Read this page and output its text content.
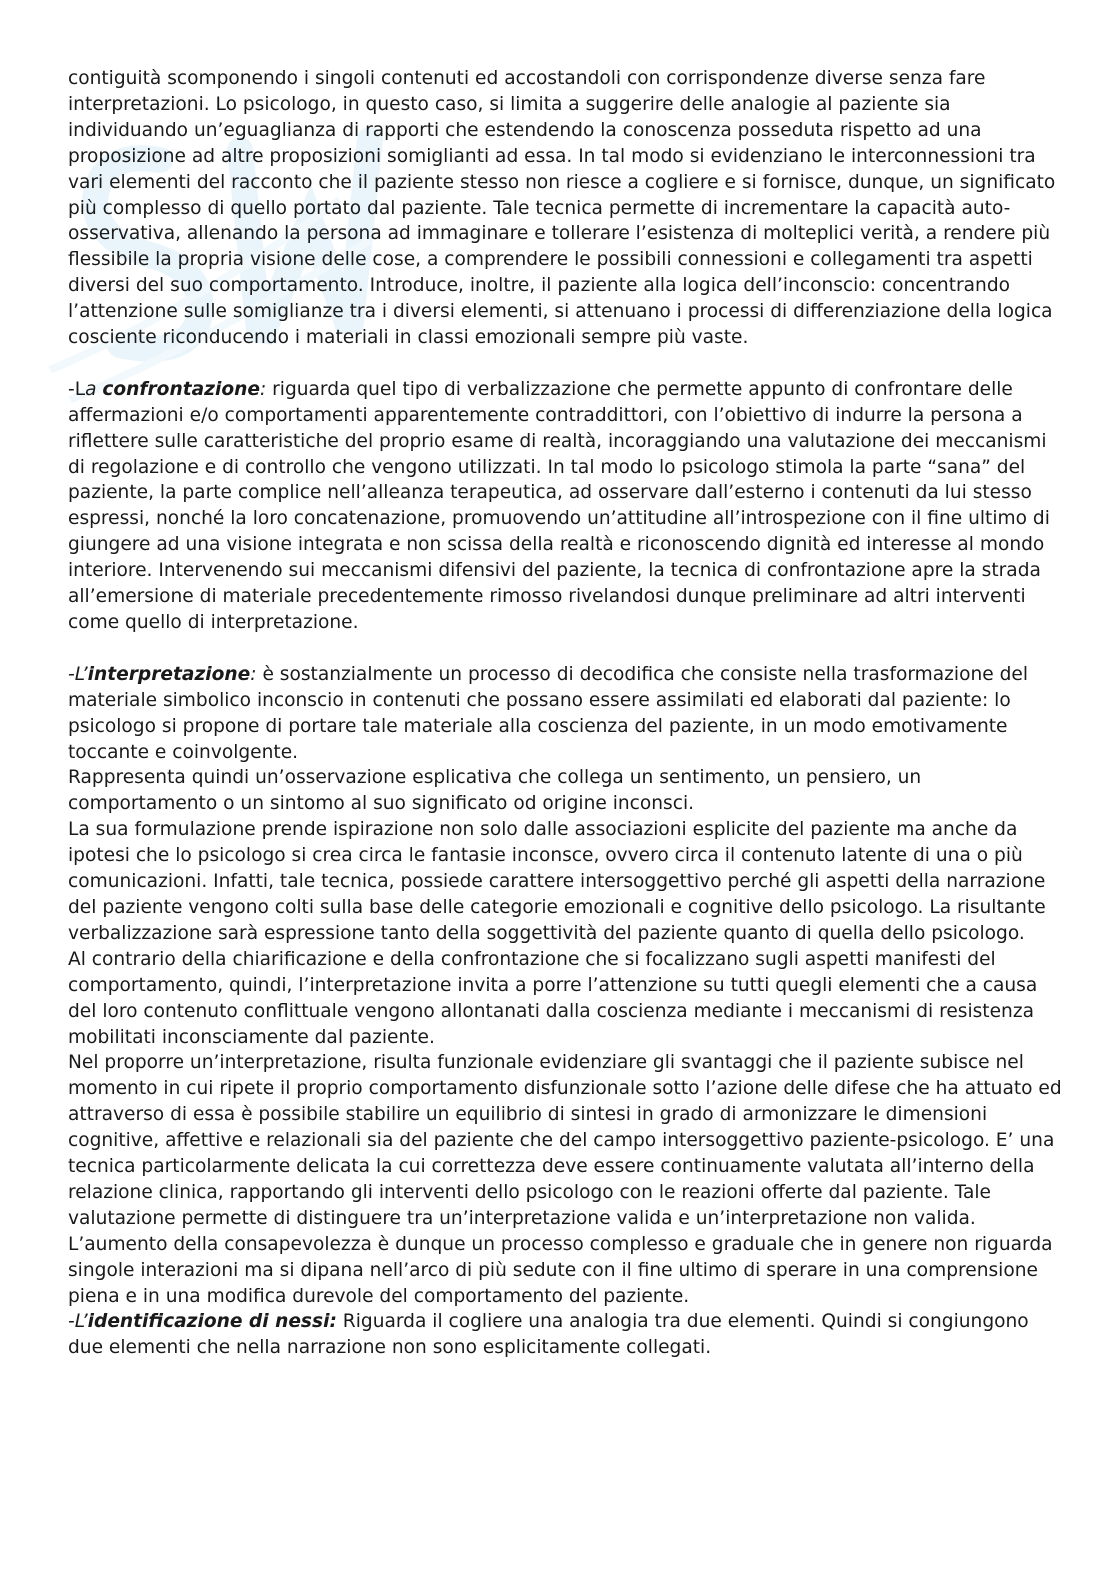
contiguità scomponendo i singoli contenuti ed accostandoli con corrispondenze diverse senza fare interpretazioni. Lo psicologo, in questo caso, si limita a suggerire delle analogie al paziente sia individuando un’eguaglianza di rapporti che estendendo la conoscenza posseduta rispetto ad una proposizione ad altre proposizioni somiglianti ad essa. In tal modo si evidenziano le interconnessioni tra vari elementi del racconto che il paziente stesso non riesce a cogliere e si fornisce, dunque, un significato più complesso di quello portato dal paziente. Tale tecnica permette di incrementare la capacità auto-osservativa, allenando la persona ad immaginare e tollerare l’esistenza di molteplici verità, a rendere più flessibile la propria visione delle cose, a comprendere le possibili connessioni e collegamenti tra aspetti diversi del suo comportamento. Introduce, inoltre, il paziente alla logica dell’inconscio: concentrando l’attenzione sulle somiglianze tra i diversi elementi, si attenuano i processi di differenziazione della logica cosciente riconducendo i materiali in classi emozionali sempre più vaste.

-La confrontazione: riguarda quel tipo di verbalizzazione che permette appunto di confrontare delle affermazioni e/o comportamenti apparentemente contraddittori, con l’obiettivo di indurre la persona a riflettere sulle caratteristiche del proprio esame di realtà, incoraggiando una valutazione dei meccanismi di regolazione e di controllo che vengono utilizzati. In tal modo lo psicologo stimola la parte “sana” del paziente, la parte complice nell’alleanza terapeutica, ad osservare dall’esterno i contenuti da lui stesso espressi, nonché la loro concatenazione, promuovendo un’attitudine all’introspezione con il fine ultimo di giungere ad una visione integrata e non scissa della realtà e riconoscendo dignità ed interesse al mondo interiore. Intervenendo sui meccanismi difensivi del paziente, la tecnica di confrontazione apre la strada all’emersione di materiale precedentemente rimosso rivelandosi dunque preliminare ad altri interventi come quello di interpretazione.

-L’interpretazione: è sostanzialmente un processo di decodifica che consiste nella trasformazione del materiale simbolico inconscio in contenuti che possano essere assimilati ed elaborati dal paziente: lo psicologo si propone di portare tale materiale alla coscienza del paziente, in un modo emotivamente toccante e coinvolgente.

Rappresenta quindi un’osservazione esplicativa che collega un sentimento, un pensiero, un comportamento o un sintomo al suo significato od origine inconsci.

La sua formulazione prende ispirazione non solo dalle associazioni esplicite del paziente ma anche da ipotesi che lo psicologo si crea circa le fantasie inconsce, ovvero circa il contenuto latente di una o più comunicazioni. Infatti, tale tecnica, possiede carattere intersoggettivo perché gli aspetti della narrazione del paziente vengono colti sulla base delle categorie emozionali e cognitive dello psicologo. La risultante verbalizzazione sarà espressione tanto della soggettività del paziente quanto di quella dello psicologo.

Al contrario della chiarificazione e della confrontazione che si focalizzano sugli aspetti manifesti del comportamento, quindi, l’interpretazione invita a porre l’attenzione su tutti quegli elementi che a causa del loro contenuto conflittuale vengono allontanati dalla coscienza mediante i meccanismi di resistenza mobilitati inconsciamente dal paziente.

Nel proporre un’interpretazione, risulta funzionale evidenziare gli svantaggi che il paziente subisce nel momento in cui ripete il proprio comportamento disfunzionale sotto l’azione delle difese che ha attuato ed attraverso di essa è possibile stabilire un equilibrio di sintesi in grado di armonizzare le dimensioni cognitive, affettive e relazionali sia del paziente che del campo intersoggettivo paziente-psicologo. E’ una tecnica particolarmente delicata la cui correttezza deve essere continuamente valutata all’interno della relazione clinica, rapportando gli interventi dello psicologo con le reazioni offerte dal paziente. Tale valutazione permette di distinguere tra un’interpretazione valida e un’interpretazione non valida. L’aumento della consapevolezza è dunque un processo complesso e graduale che in genere non riguarda singole interazioni ma si dipana nell’arco di più sedute con il fine ultimo di sperare in una comprensione piena e in una modifica durevole del comportamento del paziente.

-L’identificazione di nessi: Riguarda il cogliere una analogia tra due elementi. Quindi si congiungono due elementi che nella narrazione non sono esplicitamente collegati.
